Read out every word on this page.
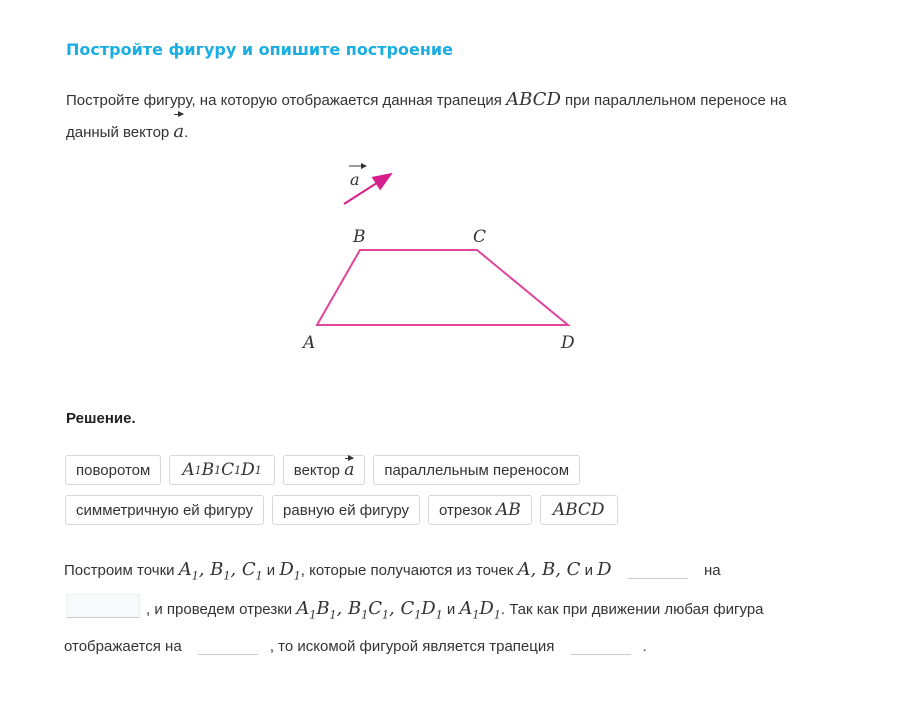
Постройте фигуру и опишите построение
Постройте фигуру, на которую отображается данная трапеция ABCD при параллельном переносе на данный вектор a.
a
B	C
A	D
Решение.
поворотом A 1 B 1 C 1 D 1 вектор
a параллельным переносом
симметричную ей фигуру равную ей фигуру отрезок
AB ABCD
Построим точки $A_1$, $B_1$, $C_1$ и $D_1$, которые получаются из точек A, B, C и D	на
, и проведем отрезки $A_1B_1$, $B_1C_1$, $C_1D_1$ и $A_1D_1$. Так как при движении любая фигура отображается на	, то искомой фигурой является трапеция	.
